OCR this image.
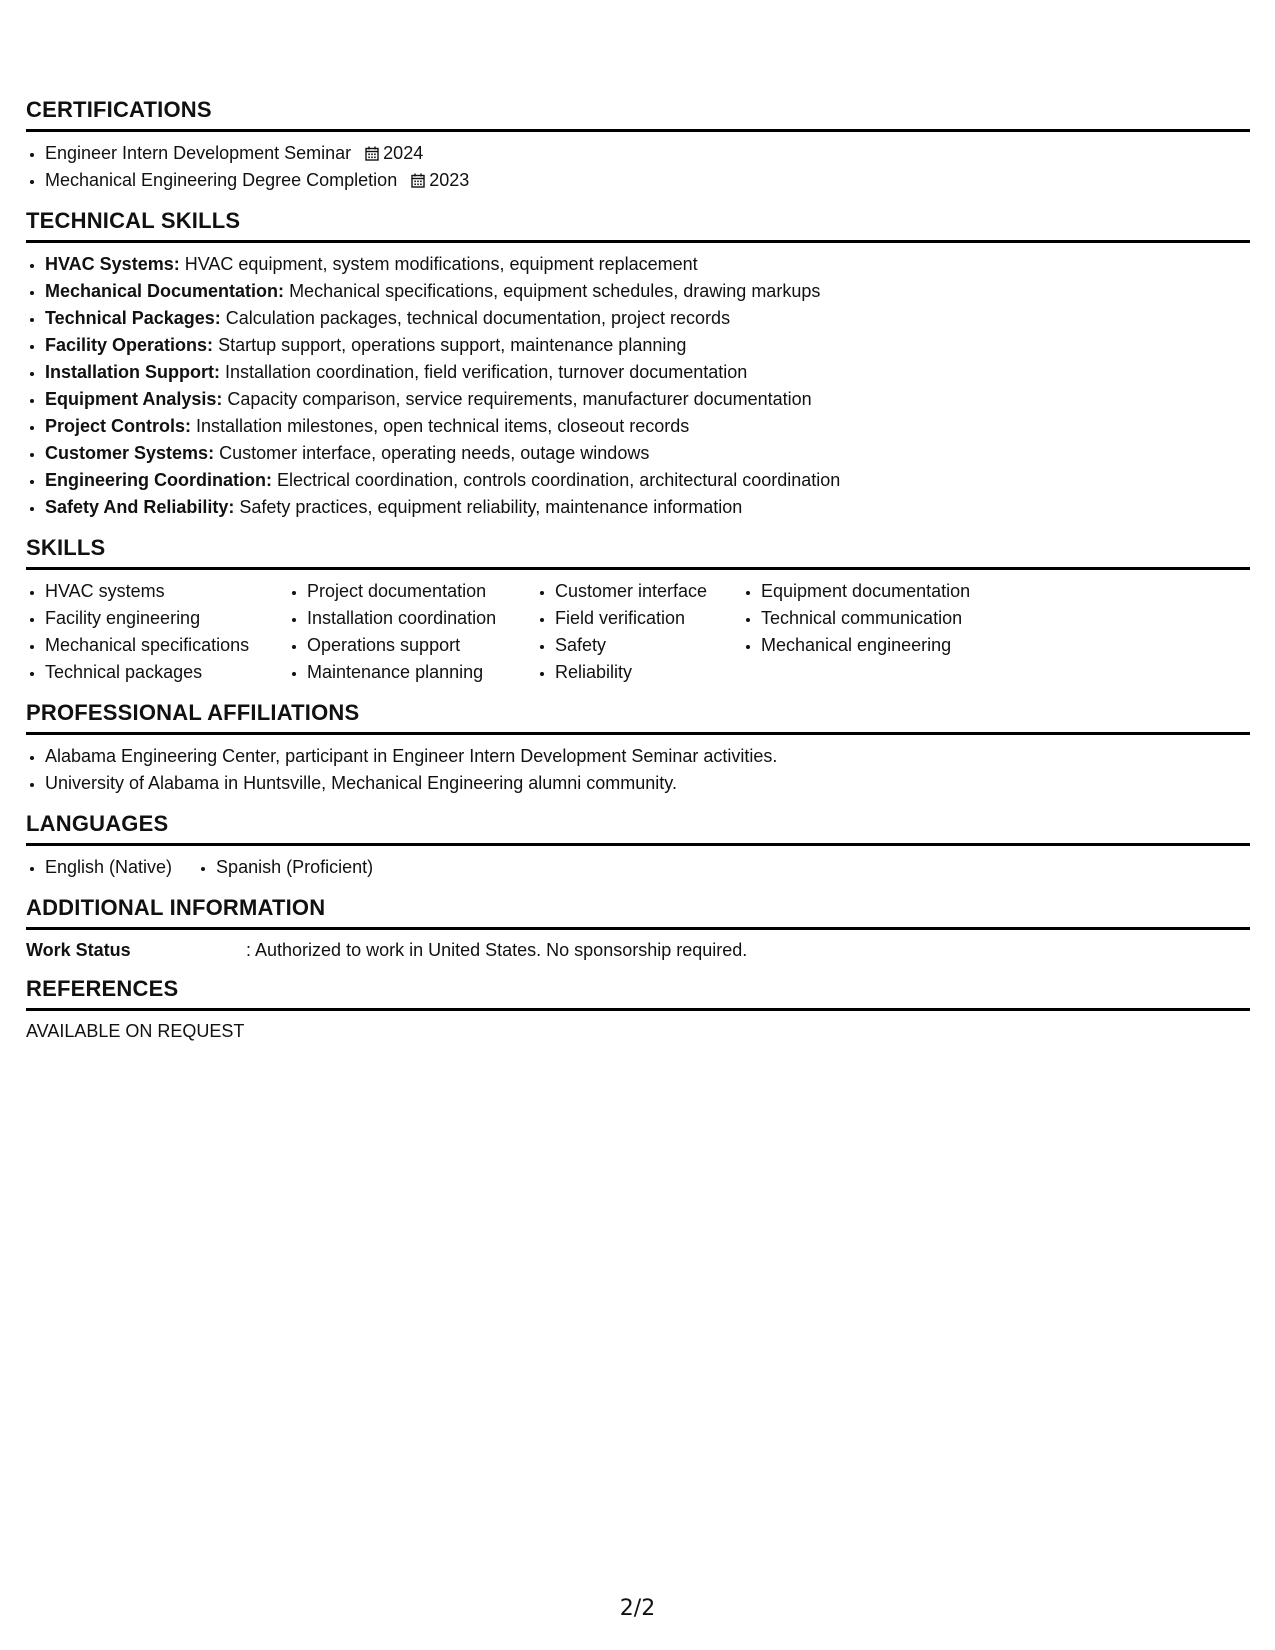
CERTIFICATIONS
• Engineer Intern Development Seminar 2024
• Mechanical Engineering Degree Completion 2023
TECHNICAL SKILLS
• HVAC Systems: HVAC equipment, system modifications, equipment replacement
• Mechanical Documentation: Mechanical specifications, equipment schedules, drawing markups
• Technical Packages: Calculation packages, technical documentation, project records
• Facility Operations: Startup support, operations support, maintenance planning
• Installation Support: Installation coordination, field verification, turnover documentation
• Equipment Analysis: Capacity comparison, service requirements, manufacturer documentation
• Project Controls: Installation milestones, open technical items, closeout records
• Customer Systems: Customer interface, operating needs, outage windows
• Engineering Coordination: Electrical coordination, controls coordination, architectural coordination
• Safety And Reliability: Safety practices, equipment reliability, maintenance information
SKILLS
• HVAC systems
• Facility engineering
• Mechanical specifications
• Technical packages
• Project documentation
• Installation coordination
• Operations support
• Maintenance planning
• Customer interface
• Field verification
• Safety
• Reliability
• Equipment documentation
• Technical communication
• Mechanical engineering
PROFESSIONAL AFFILIATIONS
• Alabama Engineering Center, participant in Engineer Intern Development Seminar activities.
• University of Alabama in Huntsville, Mechanical Engineering alumni community.
LANGUAGES
• English (Native)
• Spanish (Proficient)
ADDITIONAL INFORMATION
Work Status	: Authorized to work in United States. No sponsorship required.
REFERENCES
AVAILABLE ON REQUEST
2/2
